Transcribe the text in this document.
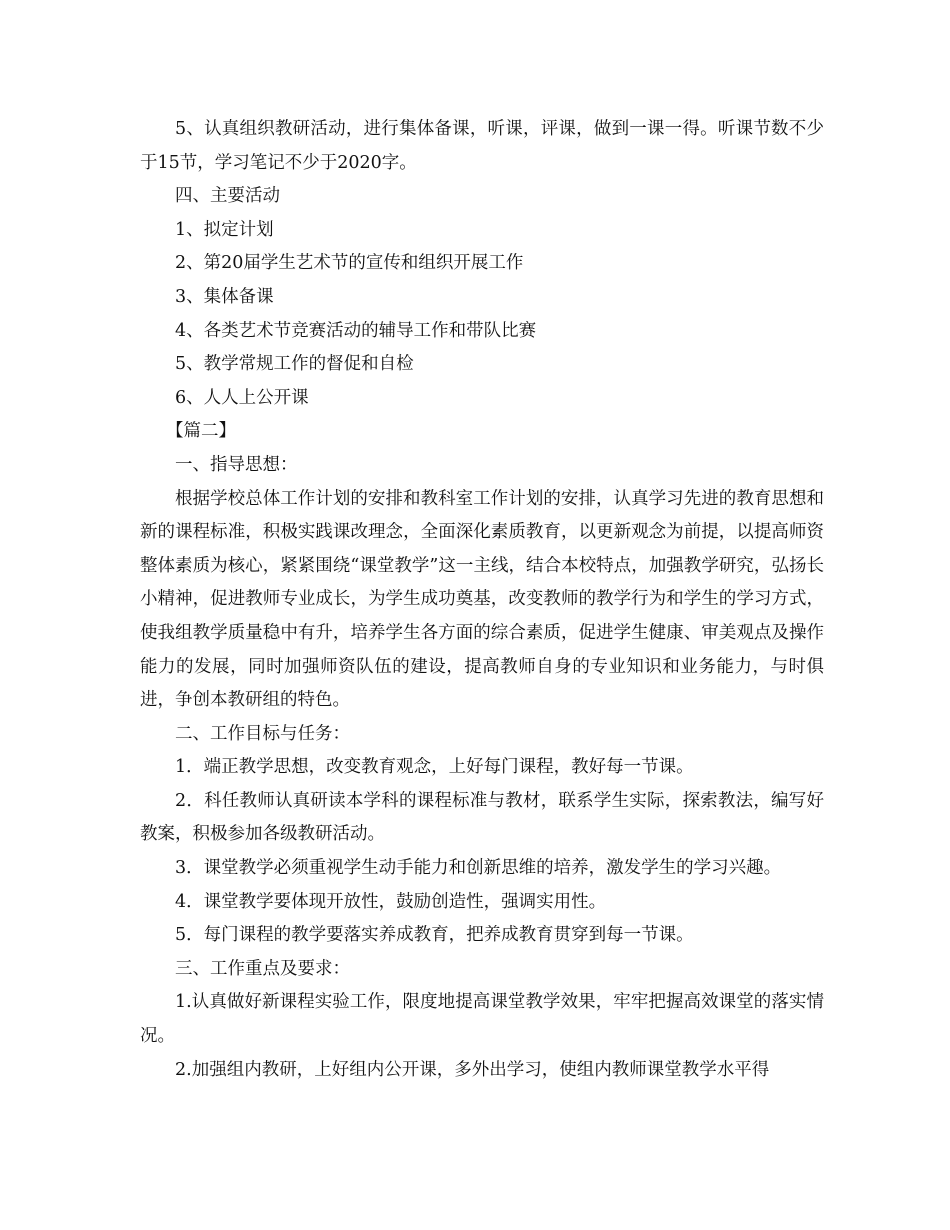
5、认真组织教研活动，进行集体备课，听课，评课，做到一课一得。听课节数不少于15节，学习笔记不少于2020字。

四、主要活动

1、拟定计划

2、第20届学生艺术节的宣传和组织开展工作

3、集体备课

4、各类艺术节竞赛活动的辅导工作和带队比赛

5、教学常规工作的督促和自检

6、人人上公开课

【篇二】

一、指导思想：

根据学校总体工作计划的安排和教科室工作计划的安排，认真学习先进的教育思想和新的课程标准，积极实践课改理念，全面深化素质教育，以更新观念为前提，以提高师资整体素质为核心，紧紧围绕“课堂教学”这一主线，结合本校特点，加强教学研究，弘扬长小精神，促进教师专业成长，为学生成功奠基，改变教师的教学行为和学生的学习方式，使我组教学质量稳中有升，培养学生各方面的综合素质，促进学生健康、审美观点及操作能力的发展，同时加强师资队伍的建设，提高教师自身的专业知识和业务能力，与时俱进，争创本教研组的特色。

二、工作目标与任务：

1．端正教学思想，改变教育观念，上好每门课程，教好每一节课。

2．科任教师认真研读本学科的课程标准与教材，联系学生实际，探索教法，编写好教案，积极参加各级教研活动。

3．课堂教学必须重视学生动手能力和创新思维的培养，激发学生的学习兴趣。

4．课堂教学要体现开放性，鼓励创造性，强调实用性。

5．每门课程的教学要落实养成教育，把养成教育贯穿到每一节课。

三、工作重点及要求：

1.认真做好新课程实验工作，限度地提高课堂教学效果，牢牢把握高效课堂的落实情况。

2.加强组内教研，上好组内公开课，多外出学习，使组内教师课堂教学水平得
